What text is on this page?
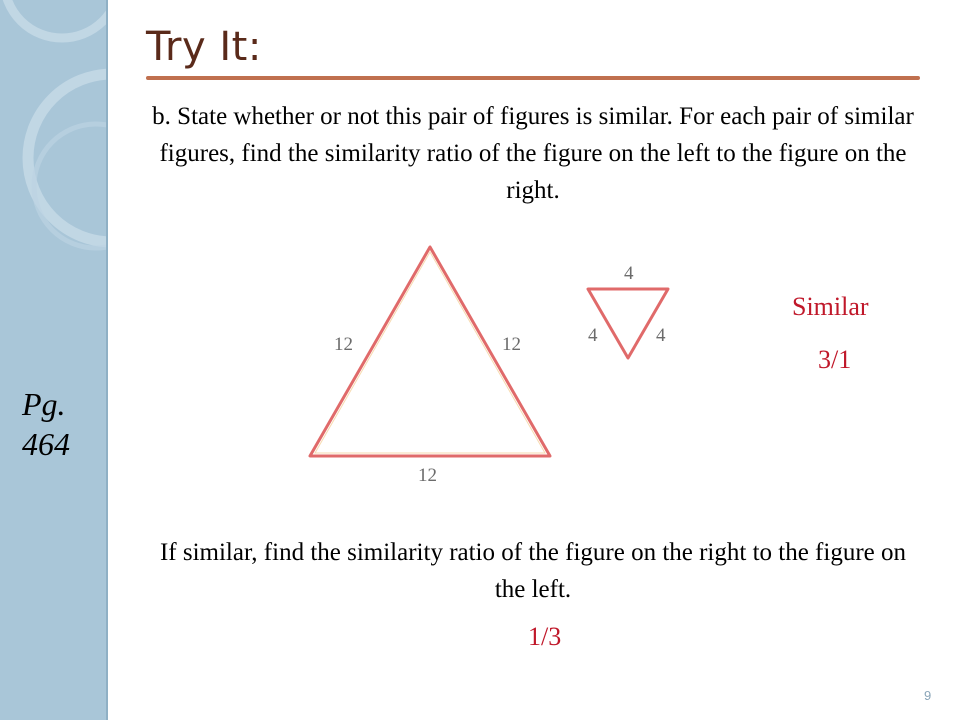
Try It:
b. State whether or not this pair of figures is similar. For each pair of similar figures, find the similarity ratio of the figure on the left to the figure on the right.
Pg. 464
12	12
12
4
4	4
Similar
3/1
If similar, find the similarity ratio of the figure on the right to the figure on the left.
1/3
9
